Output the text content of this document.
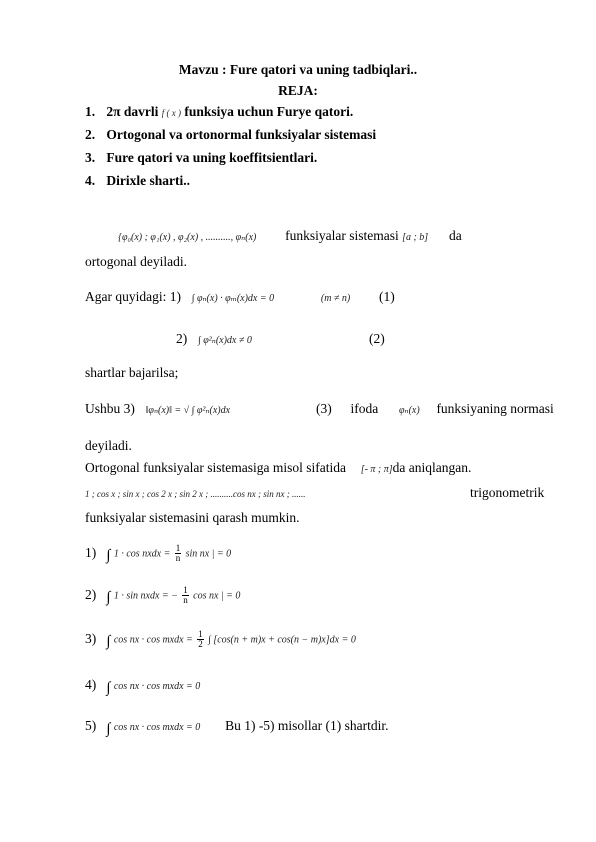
Mavzu : Fure qatori va uning tadbiqlari..
REJA:
1. 2π davrli f ( x ) funksiya uchun Furye qatori.
2. Ortogonal va ortonormal funksiyalar sistemasi
3. Fure qatori va uning koeffitsientlari.
4. Dirixle sharti..
{φ₀(x) ; φ₁(x) , φ₂(x) , .........., φₙ(x) funksiyalar sistemasi [a ; b] da
ortogonal deyiladi.
Agar quyidagi: 1) ∫ φₙ(x) · φₘ(x)dx = 0	(m ≠ n) (1)
2) ∫ φ²ₙ(x)dx ≠ 0	(2)
shartlar bajarilsa;
Ushbu 3) ‖φₙ(x)‖ = √ ∫ φ²ₙ(x)dx	(3) ifoda φₙ(x) funksiyaning normasi
deyiladi.
Ortogonal funksiyalar sistemasiga misol sifatida [- π ; π]da aniqlangan.
1 ; cos x ; sin x ; cos 2 x ; sin 2 x ; ..........cos nx ; sin nx ; ......	trigonometrik
funksiyalar sistemasini qarash mumkin.
1) ∫ 1 · cos nxdx = $\frac{1}{n}$ sin nx | = 0
2) ∫ 1 · sin nxdx = − $\frac{1}{n}$ cos nx | = 0
3) ∫ cos nx · cos mxdx = $\frac{1}{2}$ ∫ [cos(n + m)x + cos(n − m)x]dx = 0
4) ∫ cos nx · cos mxdx = 0
5) ∫ cos nx · cos mxdx = 0 Bu 1) -5) misollar (1) shartdir.
